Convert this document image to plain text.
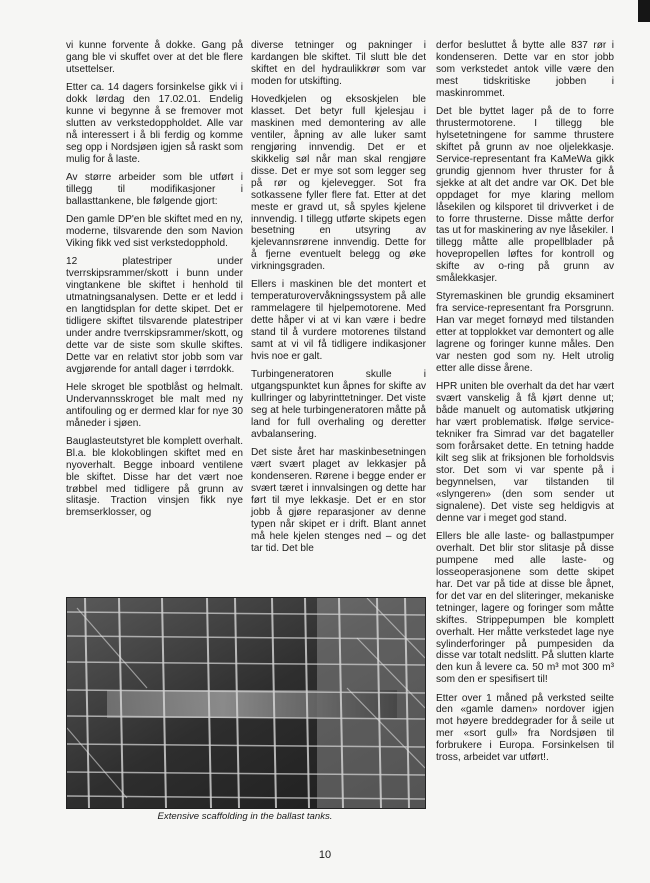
vi kunne forvente å dokke. Gang på gang ble vi skuffet over at det ble flere utsettelser.

Etter ca. 14 dagers forsinkelse gikk vi i dokk lørdag den 17.02.01. Endelig kunne vi begynne å se fremover mot slutten av verkstedoppholdet. Alle var nå interessert i å bli ferdig og komme seg opp i Nordsjøen igjen så raskt som mulig for å laste.

Av større arbeider som ble utført i tillegg til modifikasjoner i ballasttankene, ble følgende gjort:

Den gamle DP'en ble skiftet med en ny, moderne, tilsvarende den som Navion Viking fikk ved sist verkstedopphold.

12 platestriper under tverrskipsrammer/skott i bunn under vingtankene ble skiftet i henhold til utmatningsanalysen. Dette er et ledd i en langtidsplan for dette skipet. Det er tidligere skiftet tilsvarende platestriper under andre tverrskipsrammer/skott, og dette var de siste som skulle skiftes. Dette var en relativt stor jobb som var avgjørende for antall dager i tørrdokk.

Hele skroget ble spotblåst og helmalt. Undervannsskroget ble malt med ny antifouling og er dermed klar for nye 30 måneder i sjøen.

Bauglasteutstyret ble komplett overhalt. Bl.a. ble klokoblingen skiftet med en nyoverhalt. Begge inboard ventilene ble skiftet. Disse har det vært noe trøbbel med tidligere på grunn av slitasje. Traction vinsjen fikk nye bremserklosser, og

diverse tetninger og pakninger i kardangen ble skiftet. Til slutt ble det skiftet en del hydraulikkrør som var moden for utskifting.

Hovedkjelen og eksoskjelen ble klasset. Det betyr full kjelesjau i maskinen med demontering av alle ventiler, åpning av alle luker samt rengjøring innvendig. Det er et skikkelig søl når man skal rengjøre disse. Det er mye sot som legger seg på rør og kjelevegger. Sot fra sotkassene fyller flere fat. Etter at det meste er gravd ut, så spyles kjelene innvendig. I tillegg utførte skipets egen besetning en utsyring av kjelevannsrørene innvendig. Dette for å fjerne eventuelt belegg og øke virkningsgraden.

Ellers i maskinen ble det montert et temperaturovervåkningssystem på alle rammelagere til hjelpemotorene. Med dette håper vi at vi kan være i bedre stand til å vurdere motorenes tilstand samt at vi vil få tidligere indikasjoner hvis noe er galt.

Turbingeneratoren skulle i utgangspunktet kun åpnes for skifte av kullringer og labyrinttetninger. Det viste seg at hele turbingeneratoren måtte på land for full overhaling og deretter avbalansering.

Det siste året har maskinbesetningen vært svært plaget av lekkasjer på kondenseren. Rørene i begge ender er svært tæret i innvalsingen og dette har ført til mye lekkasje. Det er en stor jobb å gjøre reparasjoner av denne typen når skipet er i drift. Blant annet må hele kjelen stenges ned – og det tar tid. Det ble

derfor besluttet å bytte alle 837 rør i kondenseren. Dette var en stor jobb som verkstedet antok ville være den mest tidskritiske jobben i maskinrommet.

Det ble byttet lager på de to forre thrustermotorene. I tillegg ble hylsetetningene for samme thrustere skiftet på grunn av noe oljelekkasje. Service-representant fra KaMeWa gikk grundig gjennom hver thruster for å sjekke at alt det andre var OK. Det ble oppdaget for mye klaring mellom låsekilen og kilsporet til drivverket i de to forre thrusterne. Disse måtte derfor tas ut for maskinering av nye låsekiler. I tillegg måtte alle propellblader på hovepropellen løftes for kontroll og skifte av o-ring på grunn av smålekkasjer.

Styremaskinen ble grundig eksaminert fra service-representant fra Porsgrunn. Han var meget fornøyd med tilstanden etter at topplokket var demontert og alle lagrene og foringer kunne måles. Den var nesten god som ny. Helt utrolig etter alle disse årene.

HPR uniten ble overhalt da det har vært svært vanskelig å få kjørt denne ut; både manuelt og automatisk utkjøring har vært problematisk. Ifølge service-tekniker fra Simrad var det bagateller som forårsaket dette. En tetning hadde kilt seg slik at friksjonen ble forholdsvis stor. Det som vi var spente på i begynnelsen, var tilstanden til «slyngeren» (den som sender ut signalene). Det viste seg heldigvis at denne var i meget god stand.

Ellers ble alle laste- og ballastpumper overhalt. Det blir stor slitasje på disse pumpene med alle laste- og losseoperasjonene som dette skipet har. Det var på tide at disse ble åpnet, for det var en del sliteringer, mekaniske tetninger, lagere og foringer som måtte skiftes. Strippepumpen ble komplett overhalt. Her måtte verkstedet lage nye sylinderforinger på pumpesiden da disse var totalt nedslitt. På slutten klarte den kun å levere ca. 50 m³ mot 300 m³ som den er spesifisert til!

Etter over 1 måned på verksted seilte den «gamle damen» nordover igjen mot høyere breddegrader for å seile ut mer «sort gull» fra Nordsjøen til forbrukere i Europa. Forsinkelsen til tross, arbeidet var utført!.

Extensive scaffolding in the ballast tanks.
10
